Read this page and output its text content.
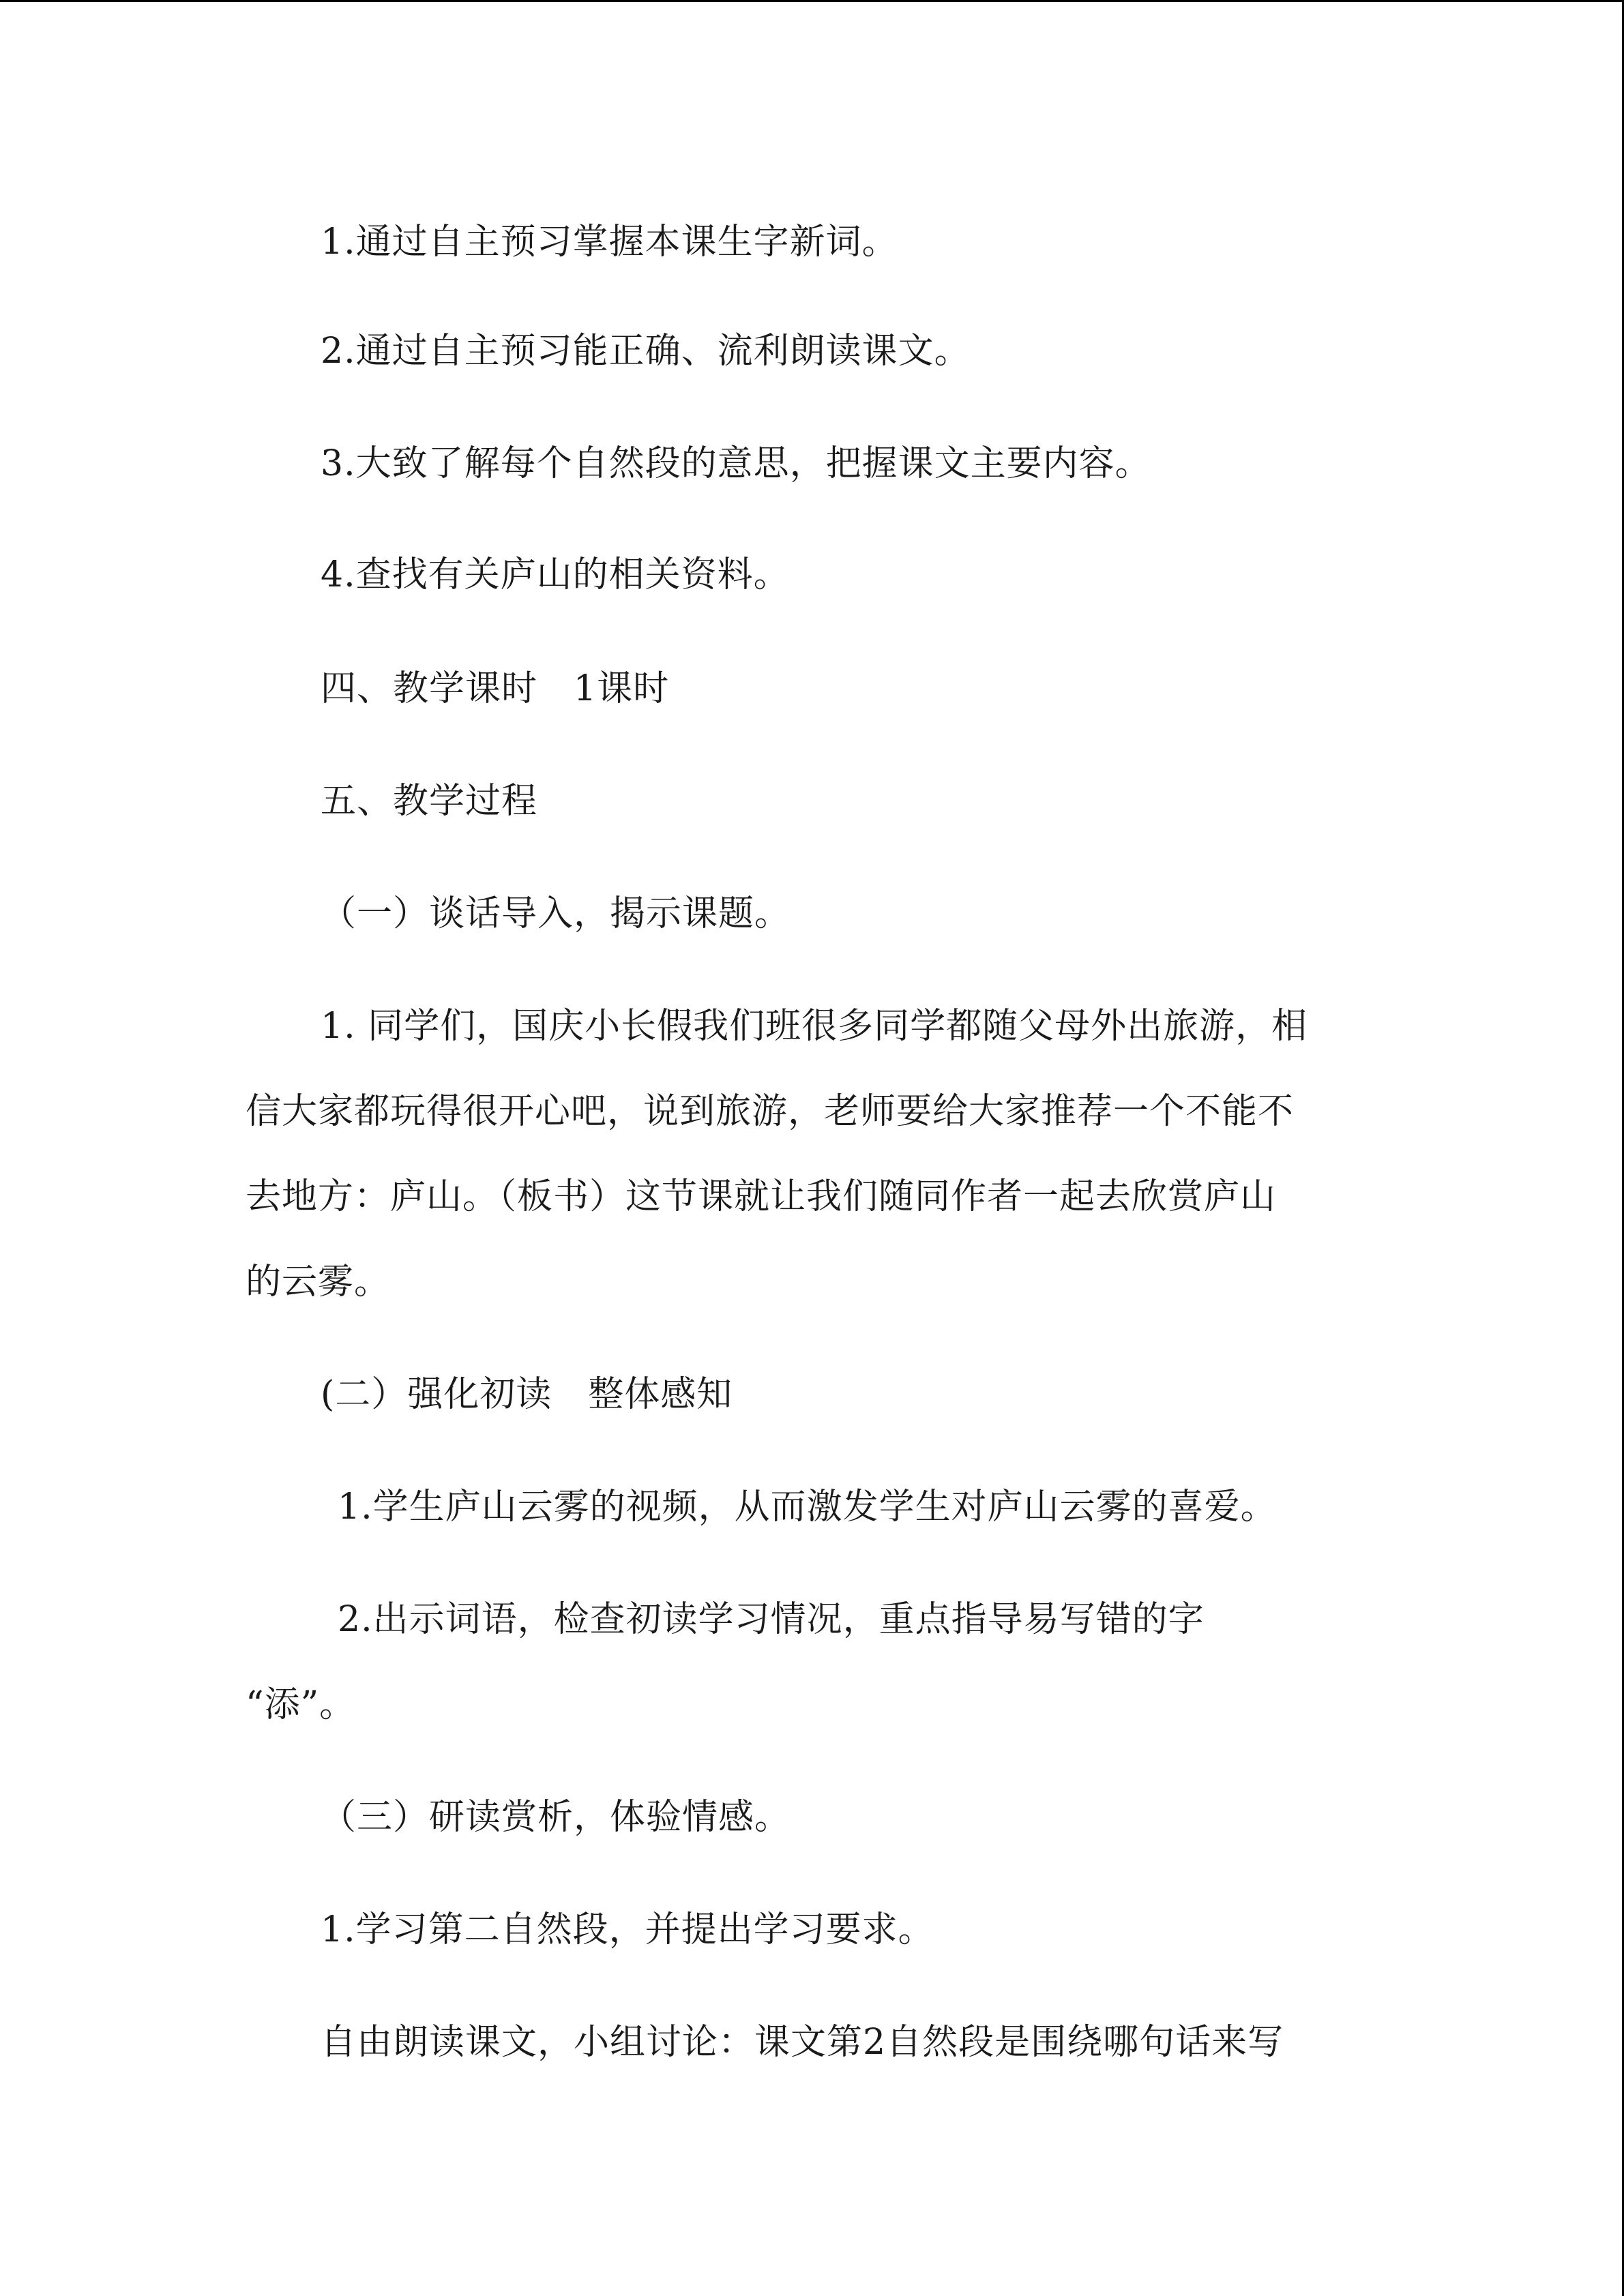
1.通过自主预习掌握本课生字新词。

2.通过自主预习能正确、流利朗读课文。

3.大致了解每个自然段的意思，把握课文主要内容。

4.查找有关庐山的相关资料。

四、教学课时　1课时

五、教学过程

（一）谈话导入，揭示课题。

1. 同学们，国庆小长假我们班很多同学都随父母外出旅游，相

信大家都玩得很开心吧，说到旅游，老师要给大家推荐一个不能不

去地方：庐山。（板书）这节课就让我们随同作者一起去欣赏庐山

的云雾。

(二）强化初读　整体感知

1.学生庐山云雾的视频，从而激发学生对庐山云雾的喜爱。

2.出示词语，检查初读学习情况，重点指导易写错的字

“添”。

（三）研读赏析，体验情感。

1.学习第二自然段，并提出学习要求。

自由朗读课文，小组讨论：课文第2自然段是围绕哪句话来写
